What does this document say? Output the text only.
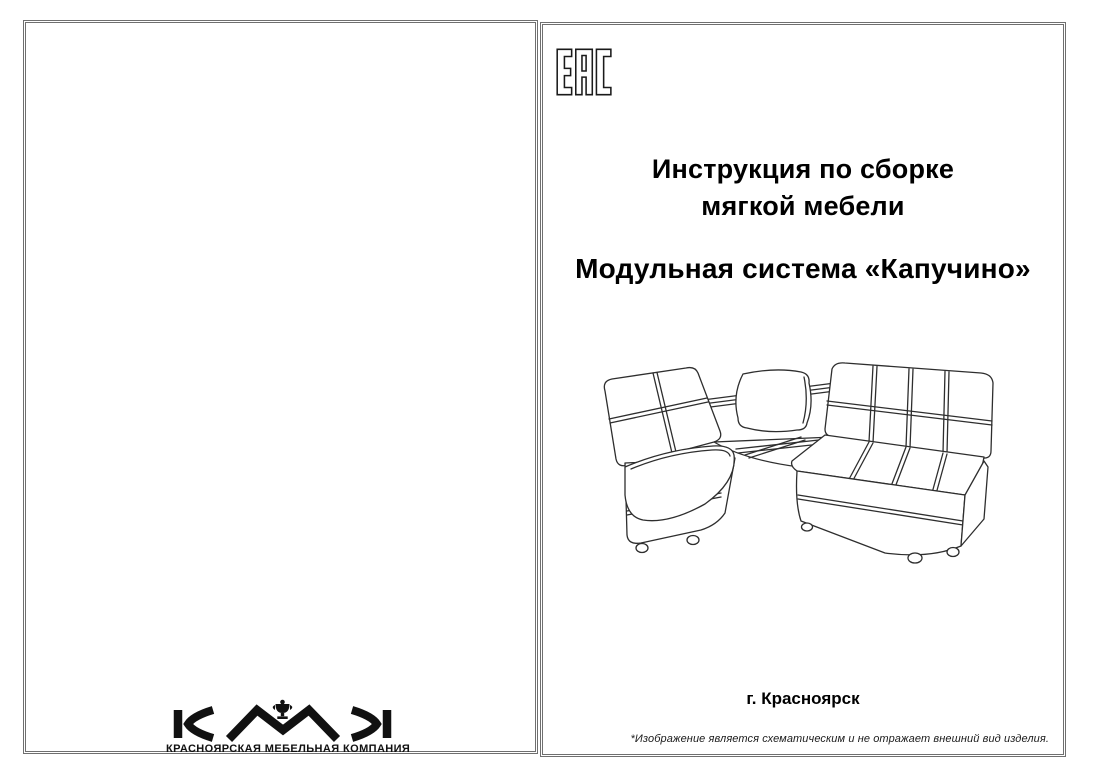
КРАСНОЯРСКАЯ МЕБЕЛЬНАЯ КОМПАНИЯ
Инструкция по сборке
мягкой мебели
Модульная система «Капучино»
г. Красноярск
*Изображение является схематическим и не отражает внешний вид изделия.
